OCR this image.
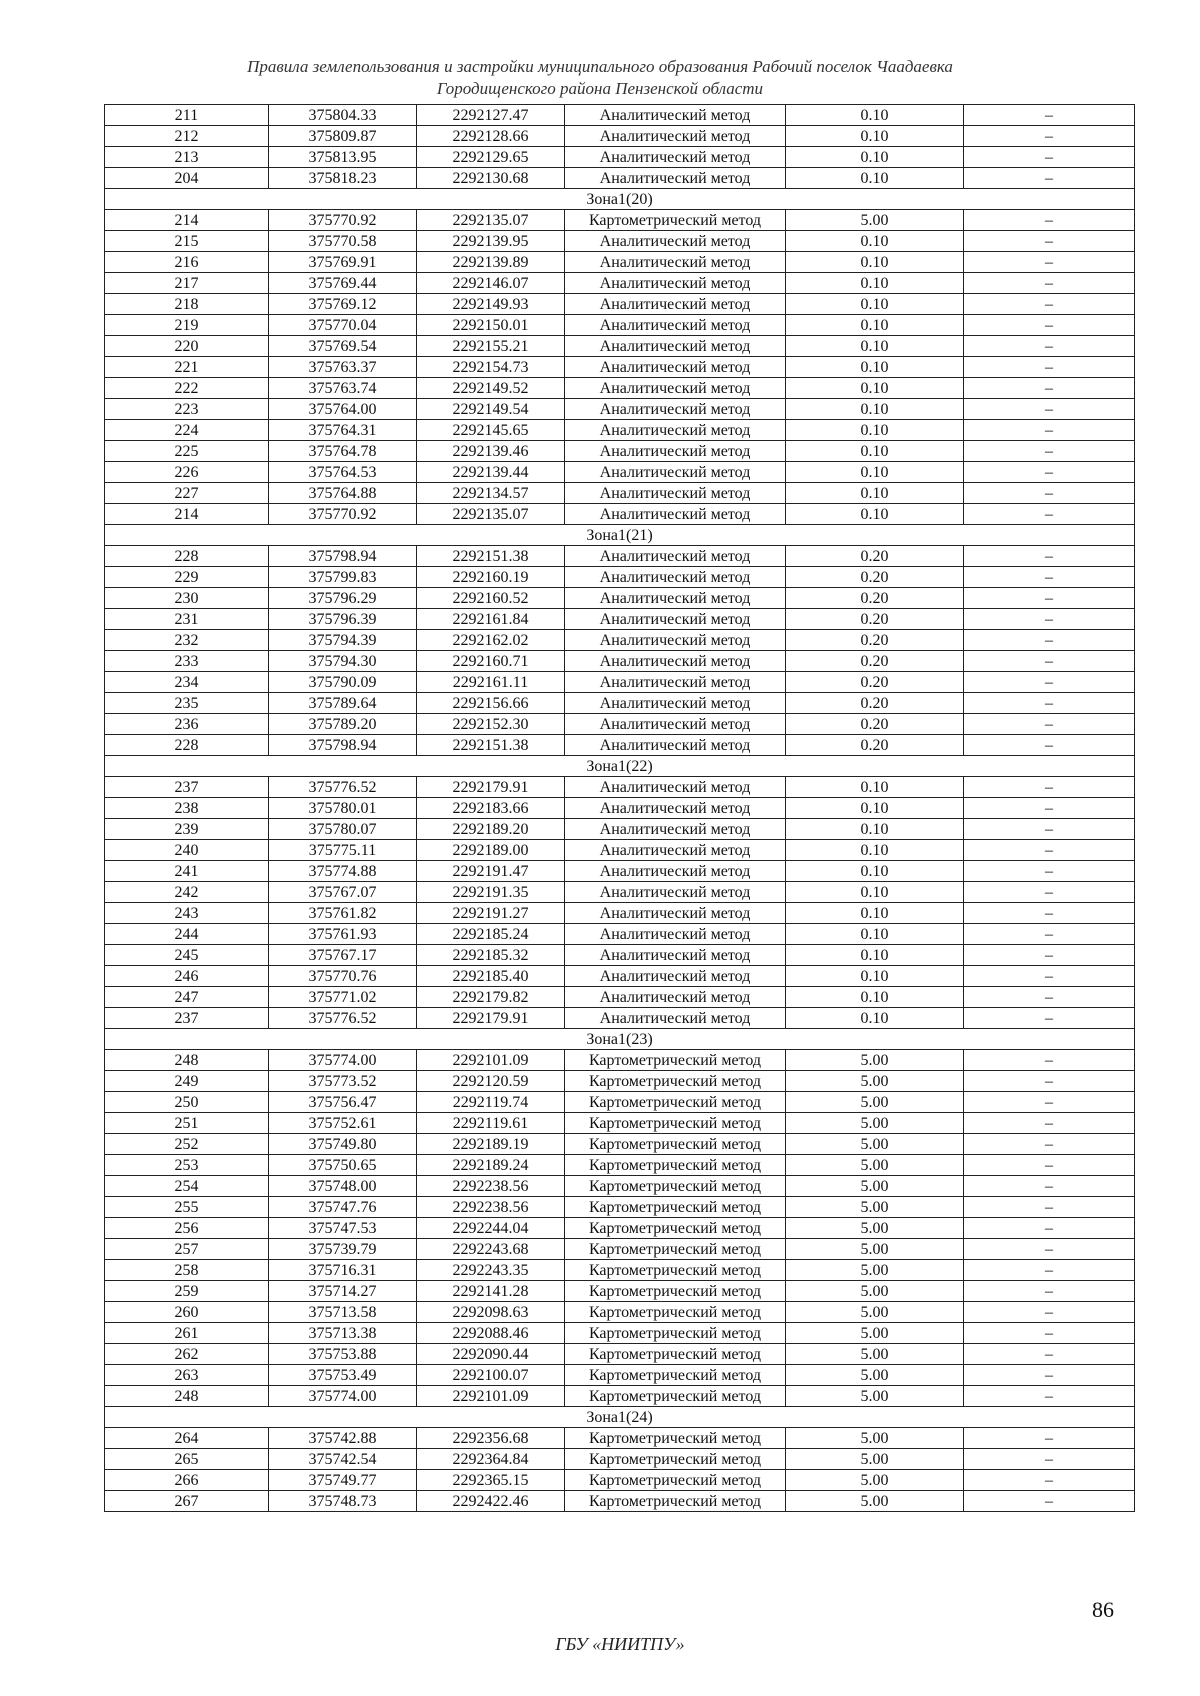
Правила землепользования и застройки муниципального образования Рабочий поселок Чаадаевка
Городищенского района Пензенской области
211	375804.33	2292127.47	Аналитический метод	0.10	–
212	375809.87	2292128.66	Аналитический метод	0.10	–
213	375813.95	2292129.65	Аналитический метод	0.10	–
204	375818.23	2292130.68	Аналитический метод	0.10	–
Зона1(20)					
214	375770.92	2292135.07	Картометрический метод	5.00	–
215	375770.58	2292139.95	Аналитический метод	0.10	–
216	375769.91	2292139.89	Аналитический метод	0.10	–
217	375769.44	2292146.07	Аналитический метод	0.10	–
218	375769.12	2292149.93	Аналитический метод	0.10	–
219	375770.04	2292150.01	Аналитический метод	0.10	–
220	375769.54	2292155.21	Аналитический метод	0.10	–
221	375763.37	2292154.73	Аналитический метод	0.10	–
222	375763.74	2292149.52	Аналитический метод	0.10	–
223	375764.00	2292149.54	Аналитический метод	0.10	–
224	375764.31	2292145.65	Аналитический метод	0.10	–
225	375764.78	2292139.46	Аналитический метод	0.10	–
226	375764.53	2292139.44	Аналитический метод	0.10	–
227	375764.88	2292134.57	Аналитический метод	0.10	–
214	375770.92	2292135.07	Аналитический метод	0.10	–
Зона1(21)					
228	375798.94	2292151.38	Аналитический метод	0.20	–
229	375799.83	2292160.19	Аналитический метод	0.20	–
230	375796.29	2292160.52	Аналитический метод	0.20	–
231	375796.39	2292161.84	Аналитический метод	0.20	–
232	375794.39	2292162.02	Аналитический метод	0.20	–
233	375794.30	2292160.71	Аналитический метод	0.20	–
234	375790.09	2292161.11	Аналитический метод	0.20	–
235	375789.64	2292156.66	Аналитический метод	0.20	–
236	375789.20	2292152.30	Аналитический метод	0.20	–
228	375798.94	2292151.38	Аналитический метод	0.20	–
Зона1(22)					
237	375776.52	2292179.91	Аналитический метод	0.10	–
238	375780.01	2292183.66	Аналитический метод	0.10	–
239	375780.07	2292189.20	Аналитический метод	0.10	–
240	375775.11	2292189.00	Аналитический метод	0.10	–
241	375774.88	2292191.47	Аналитический метод	0.10	–
242	375767.07	2292191.35	Аналитический метод	0.10	–
243	375761.82	2292191.27	Аналитический метод	0.10	–
244	375761.93	2292185.24	Аналитический метод	0.10	–
245	375767.17	2292185.32	Аналитический метод	0.10	–
246	375770.76	2292185.40	Аналитический метод	0.10	–
247	375771.02	2292179.82	Аналитический метод	0.10	–
237	375776.52	2292179.91	Аналитический метод	0.10	–
Зона1(23)					
248	375774.00	2292101.09	Картометрический метод	5.00	–
249	375773.52	2292120.59	Картометрический метод	5.00	–
250	375756.47	2292119.74	Картометрический метод	5.00	–
251	375752.61	2292119.61	Картометрический метод	5.00	–
252	375749.80	2292189.19	Картометрический метод	5.00	–
253	375750.65	2292189.24	Картометрический метод	5.00	–
254	375748.00	2292238.56	Картометрический метод	5.00	–
255	375747.76	2292238.56	Картометрический метод	5.00	–
256	375747.53	2292244.04	Картометрический метод	5.00	–
257	375739.79	2292243.68	Картометрический метод	5.00	–
258	375716.31	2292243.35	Картометрический метод	5.00	–
259	375714.27	2292141.28	Картометрический метод	5.00	–
260	375713.58	2292098.63	Картометрический метод	5.00	–
261	375713.38	2292088.46	Картометрический метод	5.00	–
262	375753.88	2292090.44	Картометрический метод	5.00	–
263	375753.49	2292100.07	Картометрический метод	5.00	–
248	375774.00	2292101.09	Картометрический метод	5.00	–
Зона1(24)					
264	375742.88	2292356.68	Картометрический метод	5.00	–
265	375742.54	2292364.84	Картометрический метод	5.00	–
266	375749.77	2292365.15	Картометрический метод	5.00	–
267	375748.73	2292422.46	Картометрический метод	5.00	–
86
ГБУ «НИИТПУ»
